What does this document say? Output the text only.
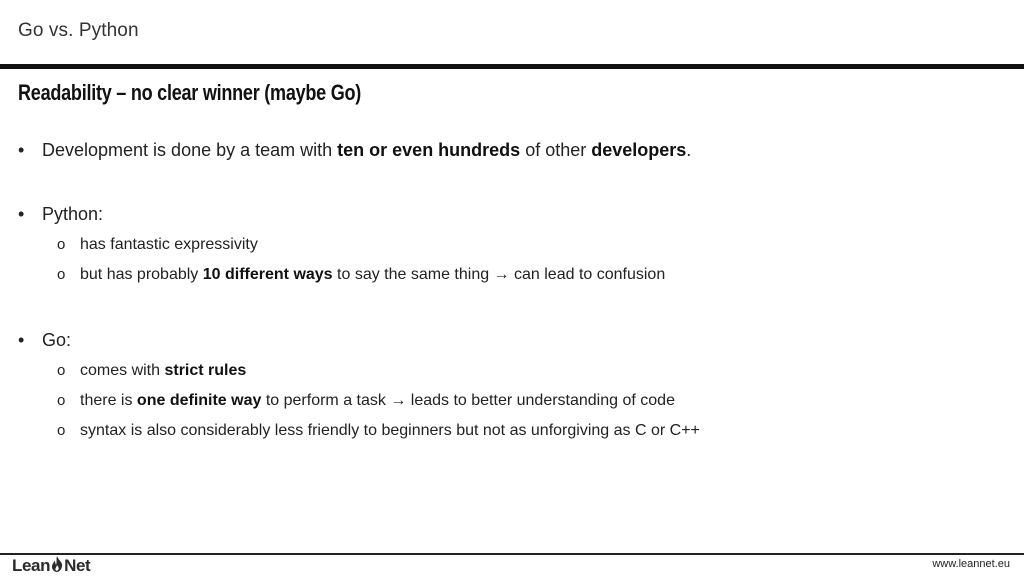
Go vs. Python
Readability – no clear winner (maybe Go)
• Development is done by a team with ten or even hundreds of other developers.
• Python:
o has fantastic expressivity
o but has probably 10 different ways to say the same thing → can lead to confusion
• Go:
o comes with strict rules
o there is one definite way to perform a task → leads to better understanding of code
o syntax is also considerably less friendly to beginners but not as unforgiving as C or C++
Lean Net	www.leannet.eu
